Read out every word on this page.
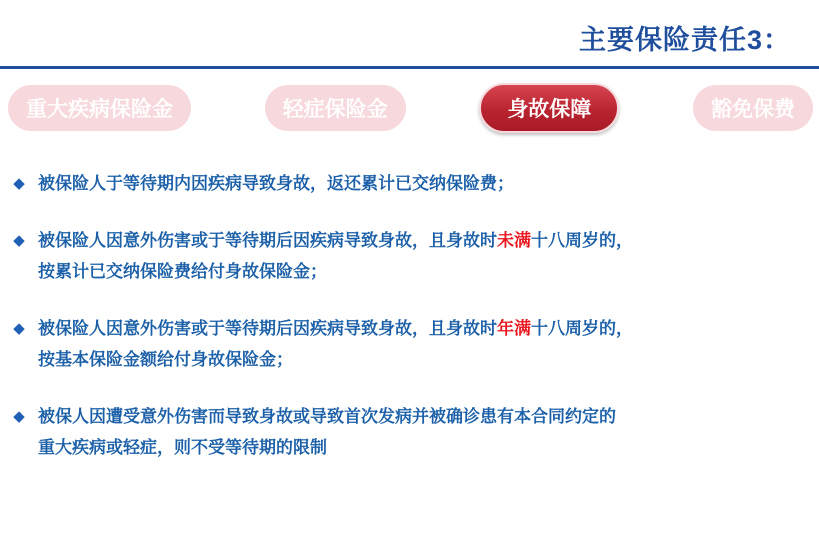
主要保险责任3：
重大疾病保险金	轻症保险金	身故保障	豁免保费
◆ 被保险人于等待期内因疾病导致身故，返还累计已交纳保险费；
◆ 被保险人因意外伤害或于等待期后因疾病导致身故，且身故时未满十八周岁的，
按累计已交纳保险费给付身故保险金；
◆ 被保险人因意外伤害或于等待期后因疾病导致身故，且身故时年满十八周岁的，
按基本保险金额给付身故保险金；
◆ 被保人因遭受意外伤害而导致身故或导致首次发病并被确诊患有本合同约定的
重大疾病或轻症，则不受等待期的限制
